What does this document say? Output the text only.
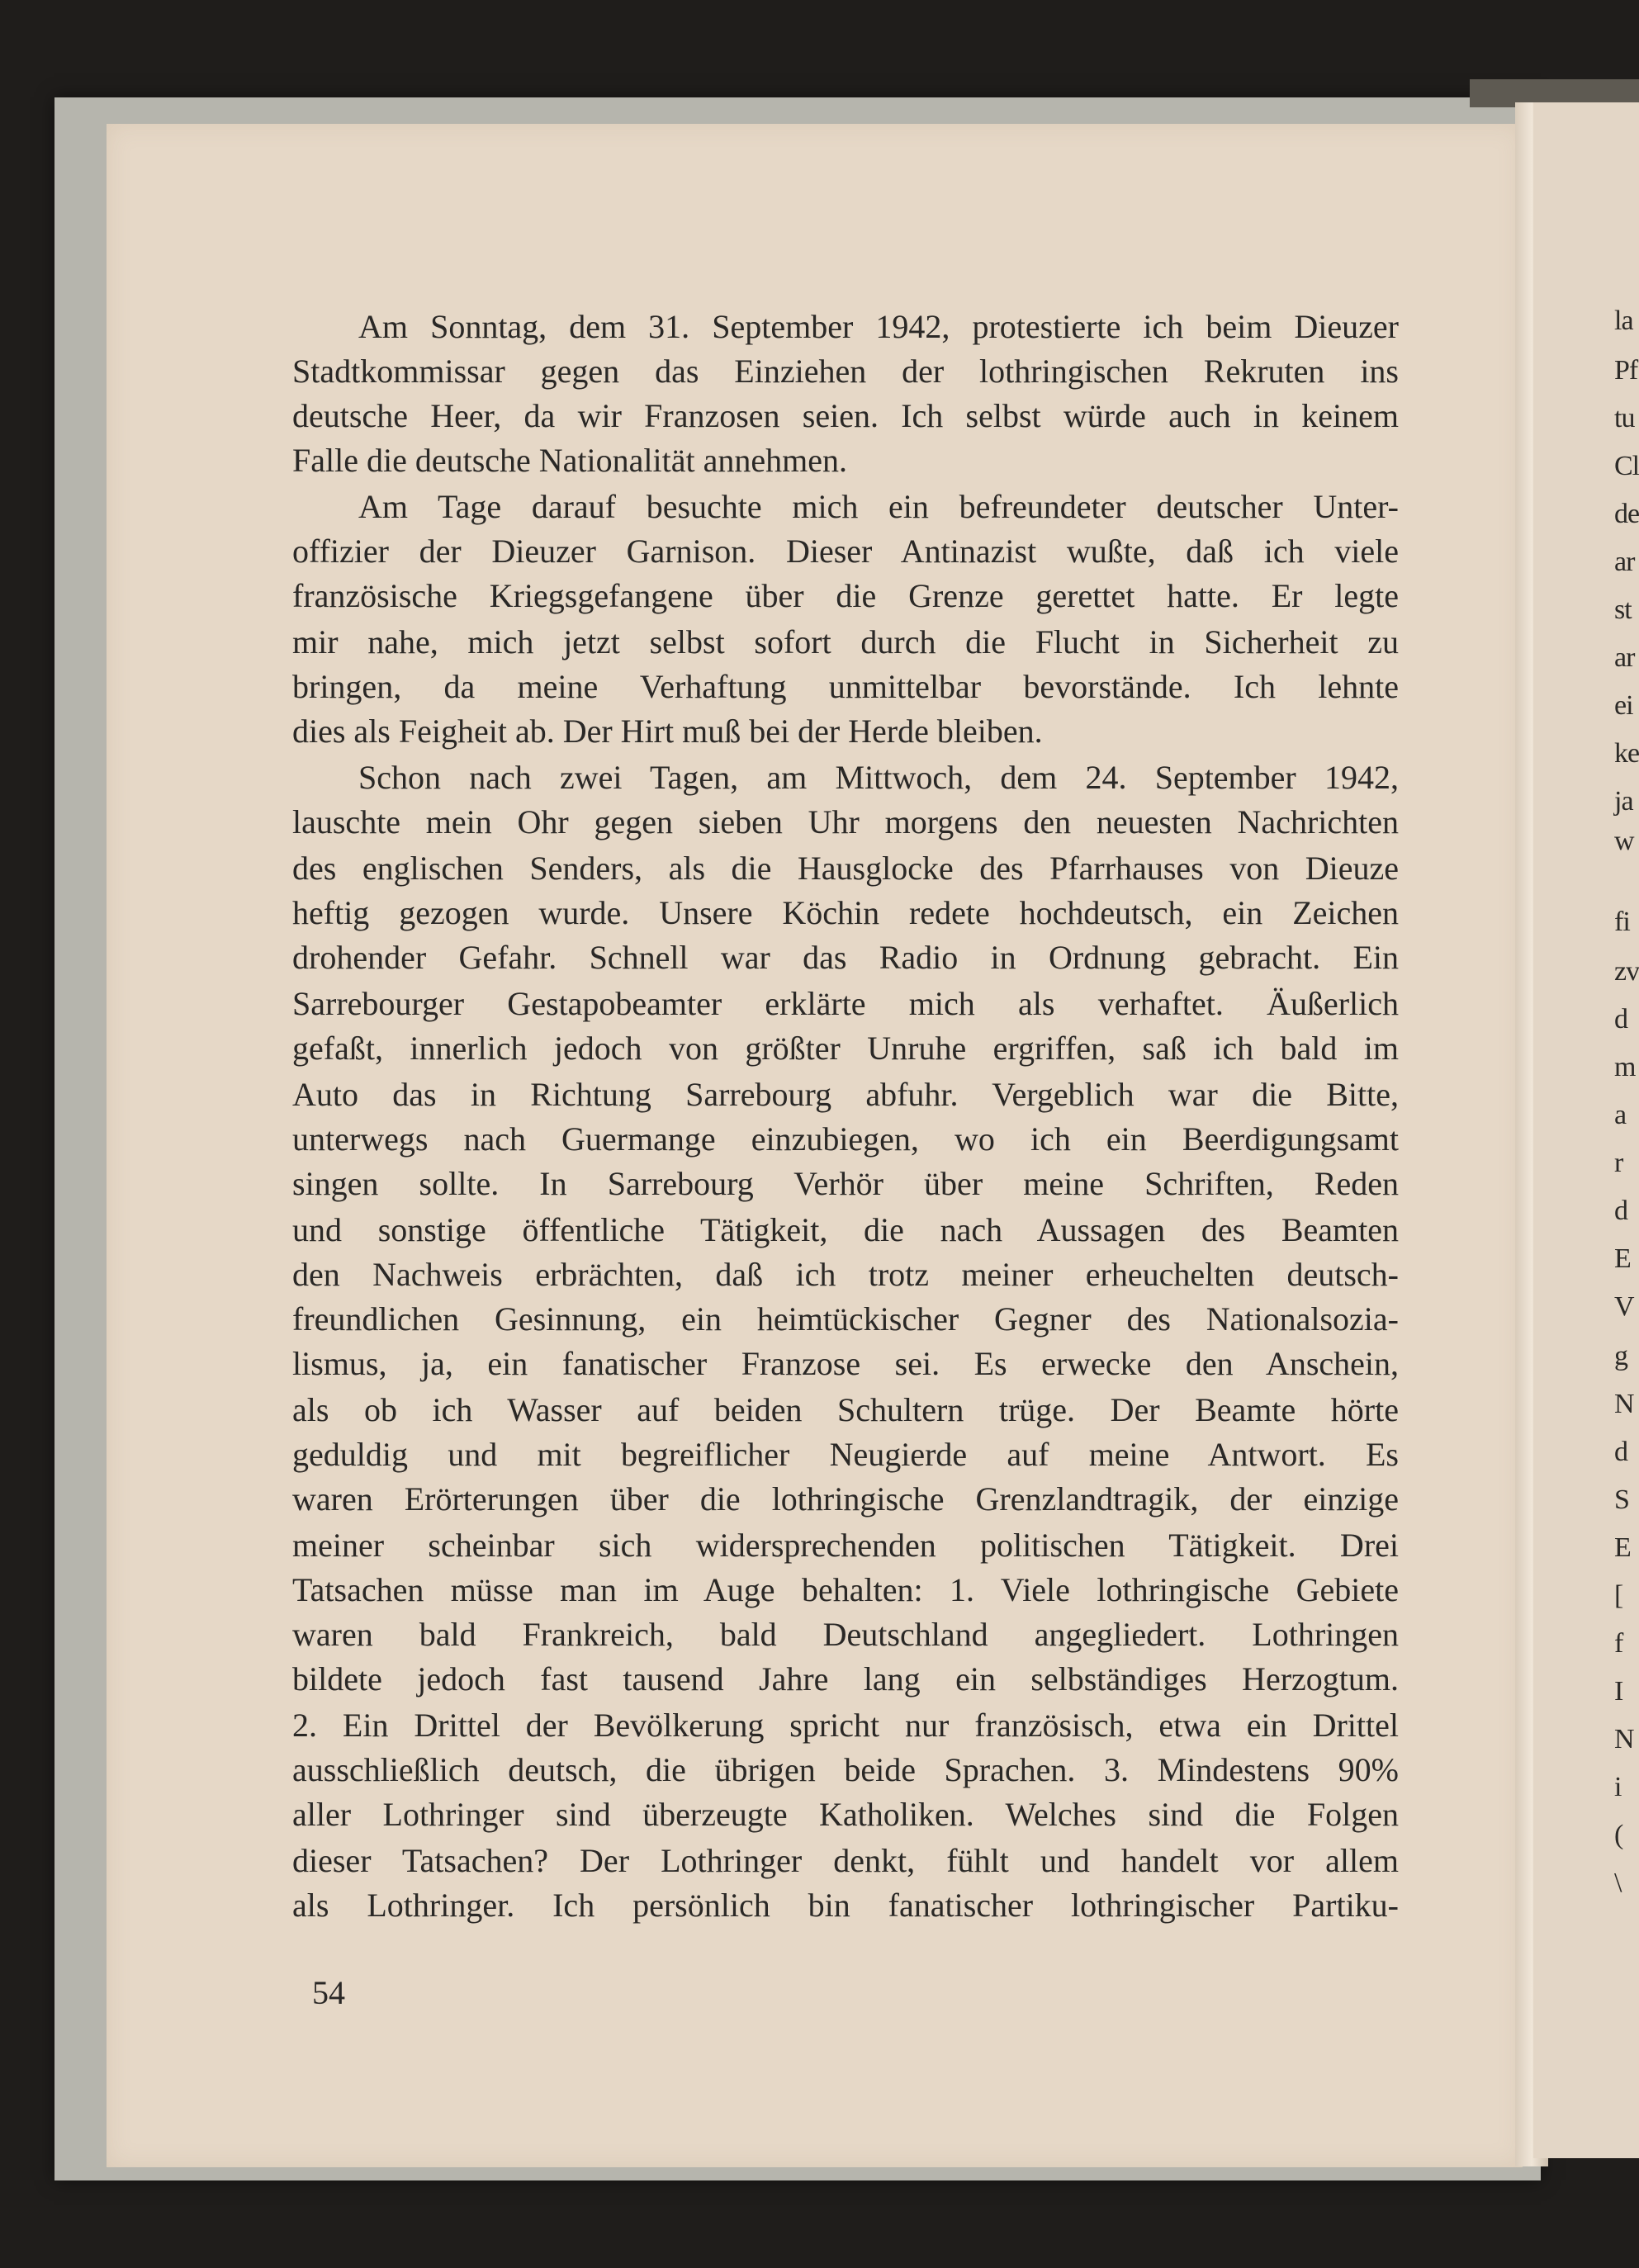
Am Sonntag, dem 31. September 1942, protestierte ich beim Dieuzer
Stadtkommissar gegen das Einziehen der lothringischen Rekruten ins
deutsche Heer, da wir Franzosen seien. Ich selbst würde auch in keinem
Falle die deutsche Nationalität annehmen.
Am Tage darauf besuchte mich ein befreundeter deutscher Unter-
offizier der Dieuzer Garnison. Dieser Antinazist wußte, daß ich viele
französische Kriegsgefangene über die Grenze gerettet hatte. Er legte
mir nahe, mich jetzt selbst sofort durch die Flucht in Sicherheit zu
bringen, da meine Verhaftung unmittelbar bevorstände. Ich lehnte
dies als Feigheit ab. Der Hirt muß bei der Herde bleiben.
Schon nach zwei Tagen, am Mittwoch, dem 24. September 1942,
lauschte mein Ohr gegen sieben Uhr morgens den neuesten Nachrichten
des englischen Senders, als die Hausglocke des Pfarrhauses von Dieuze
heftig gezogen wurde. Unsere Köchin redete hochdeutsch, ein Zeichen
drohender Gefahr. Schnell war das Radio in Ordnung gebracht. Ein
Sarrebourger Gestapobeamter erklärte mich als verhaftet. Äußerlich
gefaßt, innerlich jedoch von größter Unruhe ergriffen, saß ich bald im
Auto das in Richtung Sarrebourg abfuhr. Vergeblich war die Bitte,
unterwegs nach Guermange einzubiegen, wo ich ein Beerdigungsamt
singen sollte. In Sarrebourg Verhör über meine Schriften, Reden
und sonstige öffentliche Tätigkeit, die nach Aussagen des Beamten
den Nachweis erbrächten, daß ich trotz meiner erheuchelten deutsch-
freundlichen Gesinnung, ein heimtückischer Gegner des Nationalsozia-
lismus, ja, ein fanatischer Franzose sei. Es erwecke den Anschein,
als ob ich Wasser auf beiden Schultern trüge. Der Beamte hörte
geduldig und mit begreiflicher Neugierde auf meine Antwort. Es
waren Erörterungen über die lothringische Grenzlandtragik, der einzige
meiner scheinbar sich widersprechenden politischen Tätigkeit. Drei
Tatsachen müsse man im Auge behalten: 1. Viele lothringische Gebiete
waren bald Frankreich, bald Deutschland angegliedert. Lothringen
bildete jedoch fast tausend Jahre lang ein selbständiges Herzogtum.
2. Ein Drittel der Bevölkerung spricht nur französisch, etwa ein Drittel
ausschließlich deutsch, die übrigen beide Sprachen. 3. Mindestens 90%
aller Lothringer sind überzeugte Katholiken. Welches sind die Folgen
dieser Tatsachen? Der Lothringer denkt, fühlt und handelt vor allem
als Lothringer. Ich persönlich bin fanatischer lothringischer Partiku-
54
la
Pf
tu
Cl
de
ar
st
ar
ei
ke
ja
w
fi
zv
d
m
a
r
d
E
V
g
N
d
S
E
[
f
I
N
i
(
\
